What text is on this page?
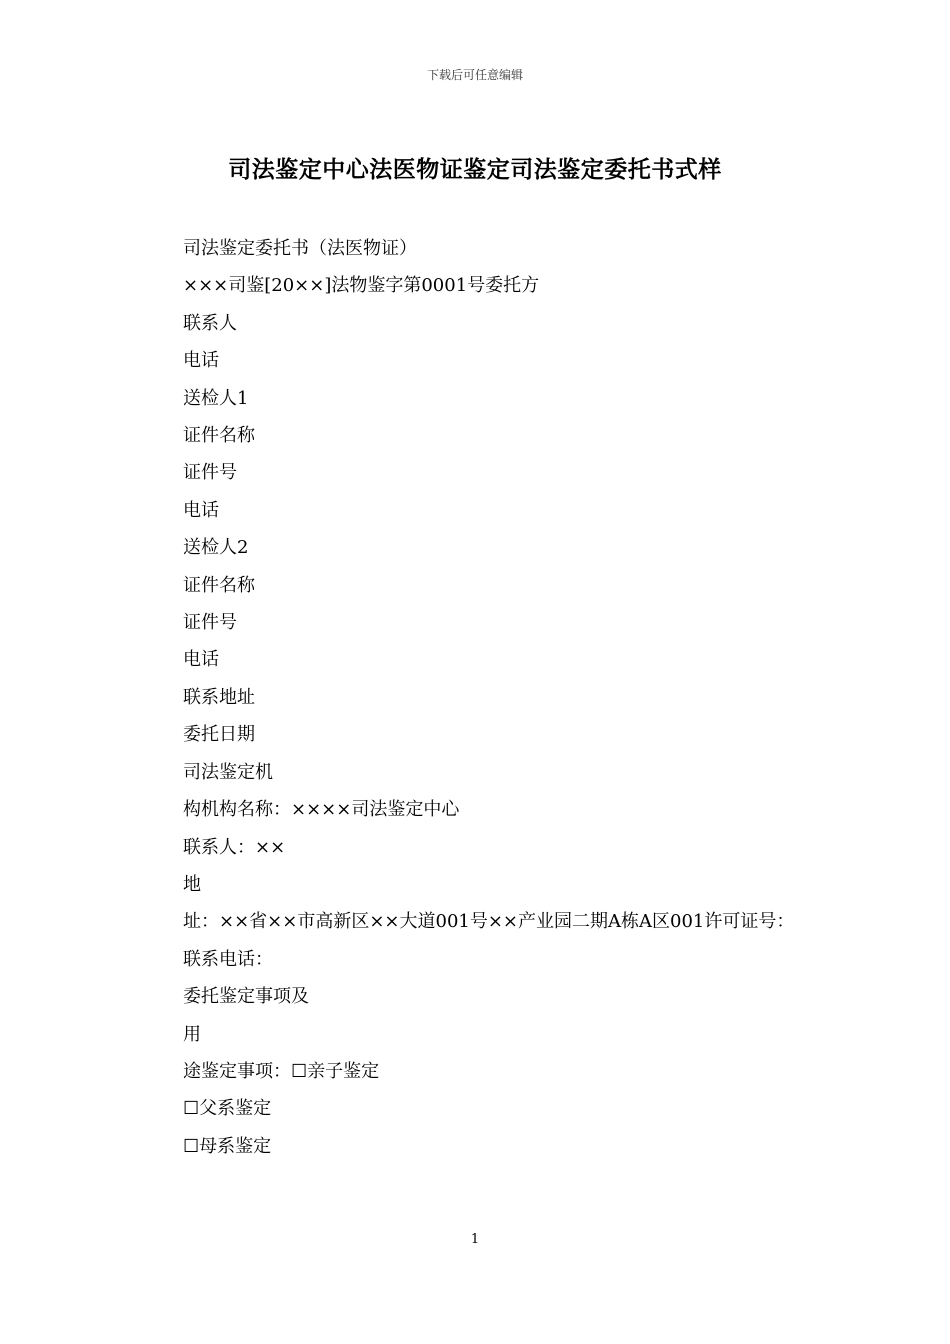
下载后可任意编辑
司法鉴定中心法医物证鉴定司法鉴定委托书式样

司法鉴定委托书（法医物证）

×××司鉴[20××]法物鉴字第0001号委托方

联系人

电话

送检人1

证件名称

证件号

电话

送检人2

证件名称

证件号

电话

联系地址

委托日期

司法鉴定机

构机构名称：××××司法鉴定中心

联系人：××

地

址：××省××市高新区××大道001号××产业园二期A栋A区001许可证号：

联系电话：

委托鉴定事项及

用

途鉴定事项：☐亲子鉴定

☐父系鉴定

☐母系鉴定

1
